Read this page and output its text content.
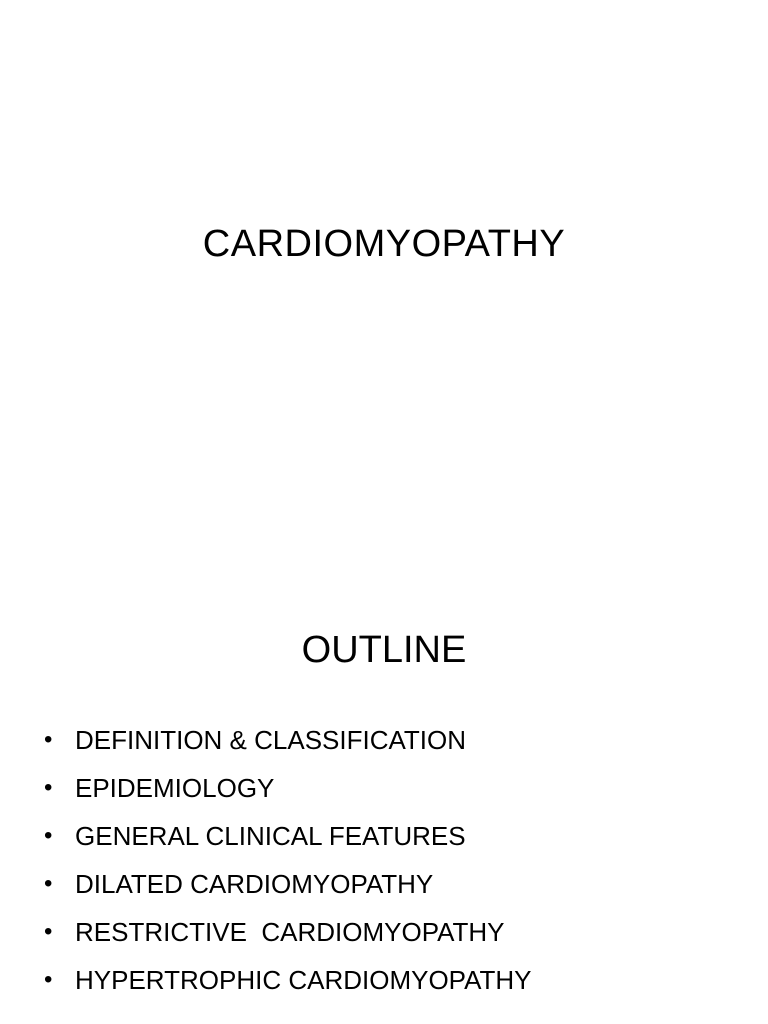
CARDIOMYOPATHY
OUTLINE
• DEFINITION & CLASSIFICATION
• EPIDEMIOLOGY
• GENERAL CLINICAL FEATURES
• DILATED CARDIOMYOPATHY
• RESTRICTIVE  CARDIOMYOPATHY
• HYPERTROPHIC CARDIOMYOPATHY
